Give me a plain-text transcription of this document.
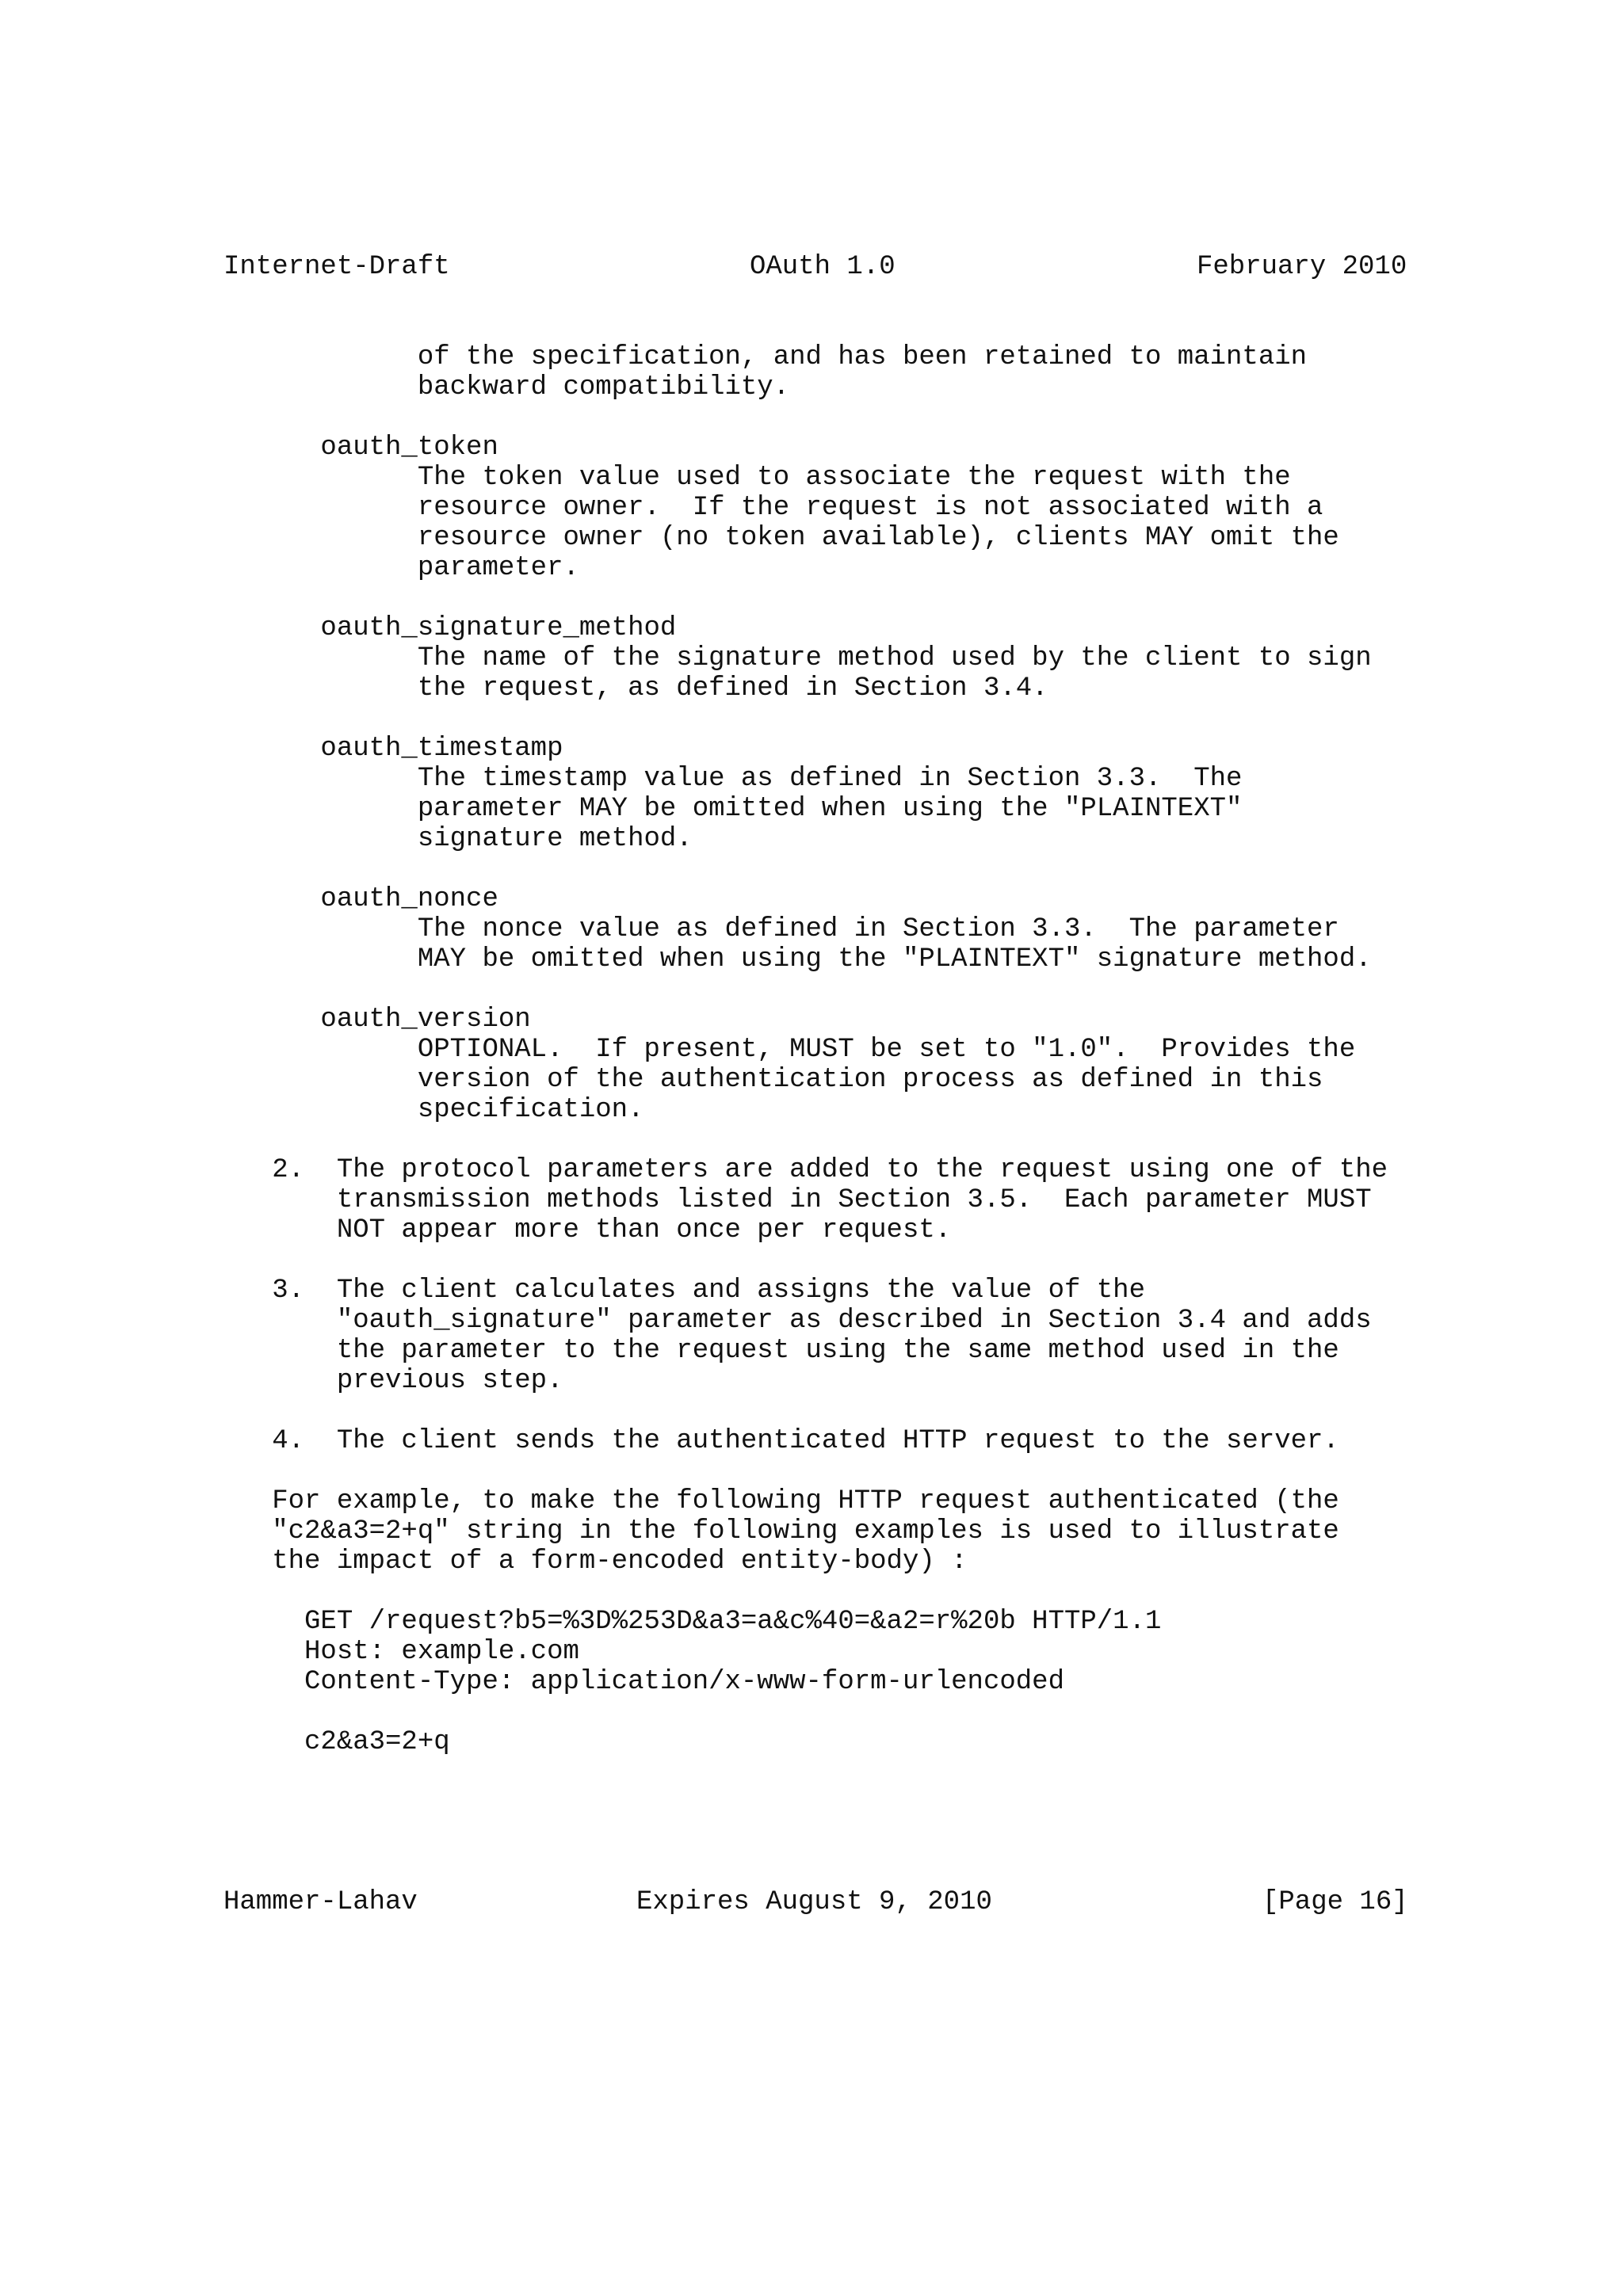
Internet-Draft	OAuth 1.0	February 2010
of the specification, and has been retained to maintain
backward compatibility.
oauth_token
The token value used to associate the request with the
resource owner.  If the request is not associated with a
resource owner (no token available), clients MAY omit the
parameter.
oauth_signature_method
The name of the signature method used by the client to sign
the request, as defined in Section 3.4.
oauth_timestamp
The timestamp value as defined in Section 3.3.  The
parameter MAY be omitted when using the "PLAINTEXT"
signature method.
oauth_nonce
The nonce value as defined in Section 3.3.  The parameter
MAY be omitted when using the "PLAINTEXT" signature method.
oauth_version
OPTIONAL.  If present, MUST be set to "1.0".  Provides the
version of the authentication process as defined in this
specification.
2.  The protocol parameters are added to the request using one of the
transmission methods listed in Section 3.5.  Each parameter MUST
NOT appear more than once per request.
3.  The client calculates and assigns the value of the
"oauth_signature" parameter as described in Section 3.4 and adds
the parameter to the request using the same method used in the
previous step.
4.  The client sends the authenticated HTTP request to the server.
For example, to make the following HTTP request authenticated (the
"c2&a3=2+q" string in the following examples is used to illustrate
the impact of a form-encoded entity-body) :
GET /request?b5=%3D%253D&a3=a&c%40=&a2=r%20b HTTP/1.1
Host: example.com
Content-Type: application/x-www-form-urlencoded
c2&a3=2+q
Hammer-Lahav	Expires August 9, 2010	[Page 16]
